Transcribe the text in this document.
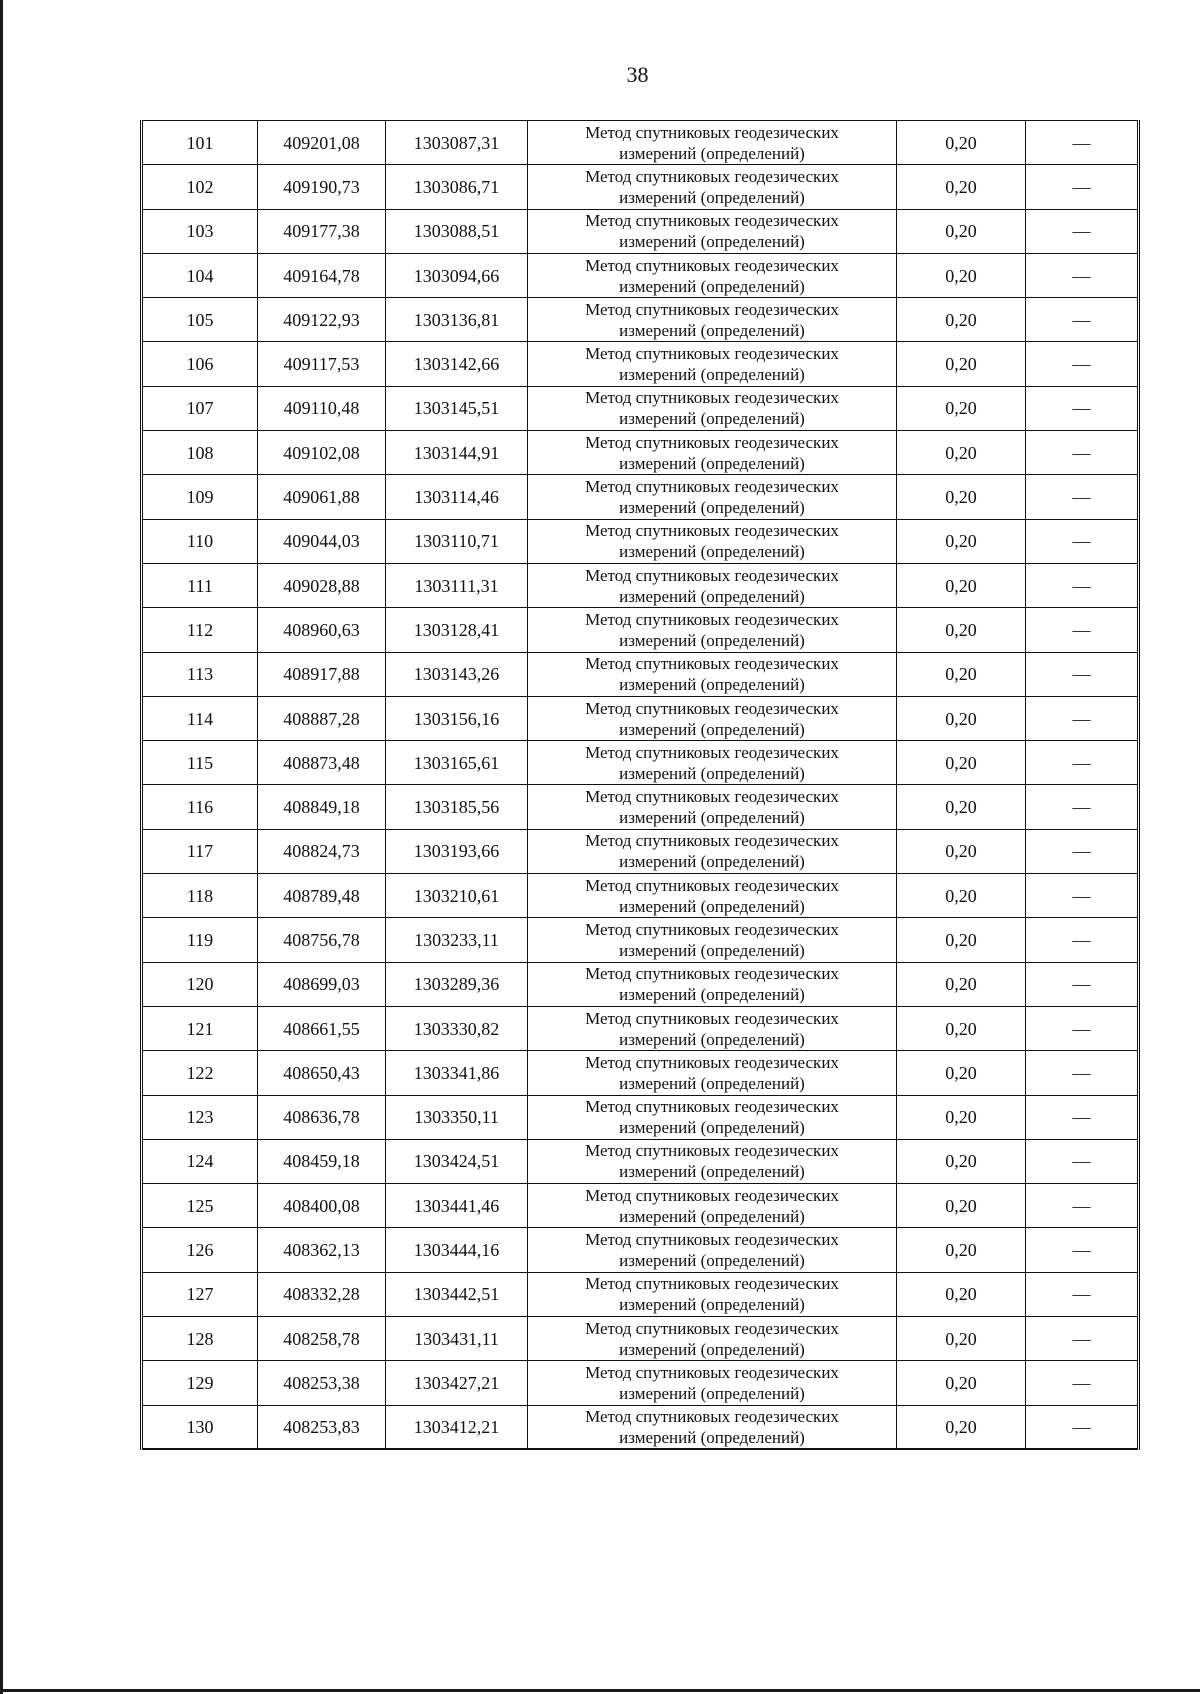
38
101	409201,08	1303087,31	Метод спутниковых геодезических
измерений (определений)	0,20	—
102	409190,73	1303086,71	Метод спутниковых геодезических
измерений (определений)	0,20	—
103	409177,38	1303088,51	Метод спутниковых геодезических
измерений (определений)	0,20	—
104	409164,78	1303094,66	Метод спутниковых геодезических
измерений (определений)	0,20	—
105	409122,93	1303136,81	Метод спутниковых геодезических
измерений (определений)	0,20	—
106	409117,53	1303142,66	Метод спутниковых геодезических
измерений (определений)	0,20	—
107	409110,48	1303145,51	Метод спутниковых геодезических
измерений (определений)	0,20	—
108	409102,08	1303144,91	Метод спутниковых геодезических
измерений (определений)	0,20	—
109	409061,88	1303114,46	Метод спутниковых геодезических
измерений (определений)	0,20	—
110	409044,03	1303110,71	Метод спутниковых геодезических
измерений (определений)	0,20	—
111	409028,88	1303111,31	Метод спутниковых геодезических
измерений (определений)	0,20	—
112	408960,63	1303128,41	Метод спутниковых геодезических
измерений (определений)	0,20	—
113	408917,88	1303143,26	Метод спутниковых геодезических
измерений (определений)	0,20	—
114	408887,28	1303156,16	Метод спутниковых геодезических
измерений (определений)	0,20	—
115	408873,48	1303165,61	Метод спутниковых геодезических
измерений (определений)	0,20	—
116	408849,18	1303185,56	Метод спутниковых геодезических
измерений (определений)	0,20	—
117	408824,73	1303193,66	Метод спутниковых геодезических
измерений (определений)	0,20	—
118	408789,48	1303210,61	Метод спутниковых геодезических
измерений (определений)	0,20	—
119	408756,78	1303233,11	Метод спутниковых геодезических
измерений (определений)	0,20	—
120	408699,03	1303289,36	Метод спутниковых геодезических
измерений (определений)	0,20	—
121	408661,55	1303330,82	Метод спутниковых геодезических
измерений (определений)	0,20	—
122	408650,43	1303341,86	Метод спутниковых геодезических
измерений (определений)	0,20	—
123	408636,78	1303350,11	Метод спутниковых геодезических
измерений (определений)	0,20	—
124	408459,18	1303424,51	Метод спутниковых геодезических
измерений (определений)	0,20	—
125	408400,08	1303441,46	Метод спутниковых геодезических
измерений (определений)	0,20	—
126	408362,13	1303444,16	Метод спутниковых геодезических
измерений (определений)	0,20	—
127	408332,28	1303442,51	Метод спутниковых геодезических
измерений (определений)	0,20	—
128	408258,78	1303431,11	Метод спутниковых геодезических
измерений (определений)	0,20	—
129	408253,38	1303427,21	Метод спутниковых геодезических
измерений (определений)	0,20	—
130	408253,83	1303412,21	Метод спутниковых геодезических
измерений (определений)	0,20	—
